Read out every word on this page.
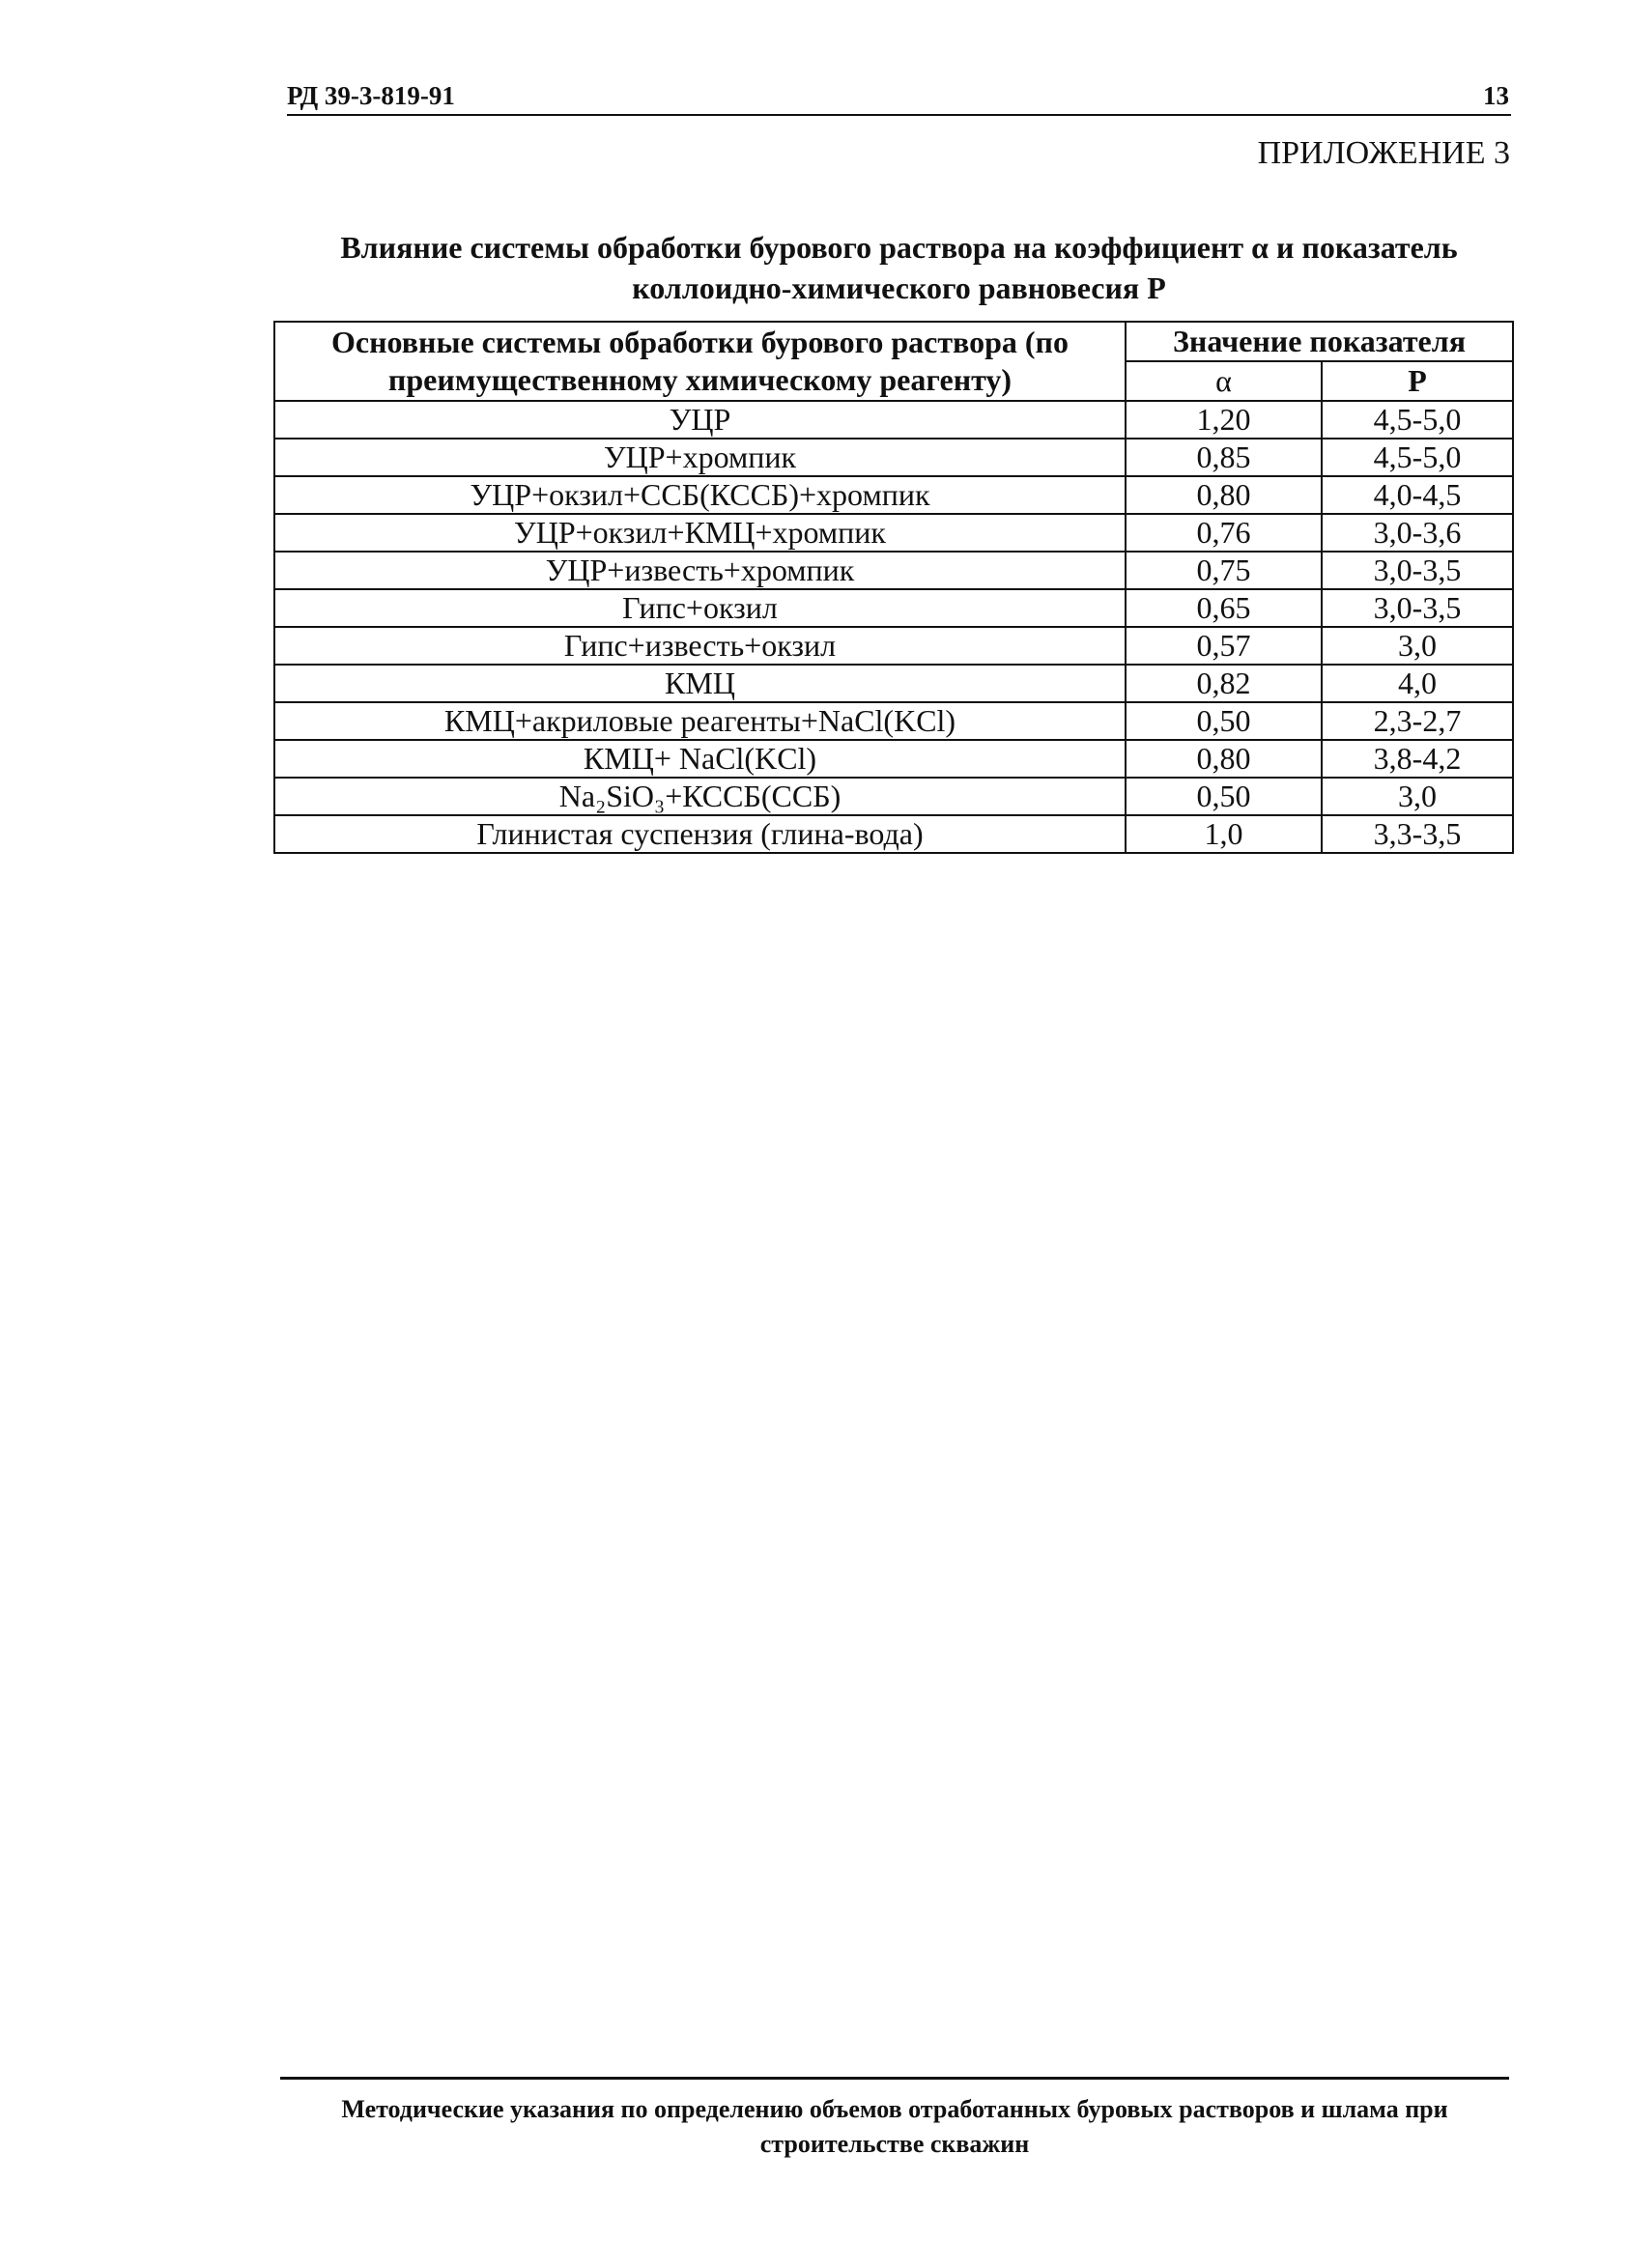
РД 39-3-819-91	13
ПРИЛОЖЕНИЕ 3
Влияние системы обработки бурового раствора на коэффициент α и показатель
коллоидно-химического равновесия Р
Основные системы обработки бурового раствора (по преимущественному химическому реагенту)	Значение показателя	
	α	Р
УЦР	1,20	4,5-5,0
УЦР+хромпик	0,85	4,5-5,0
УЦР+окзил+ССБ(КССБ)+хромпик	0,80	4,0-4,5
УЦР+окзил+КМЦ+хромпик	0,76	3,0-3,6
УЦР+известь+хромпик	0,75	3,0-3,5
Гипс+окзил	0,65	3,0-3,5
Гипс+известь+окзил	0,57	3,0
КМЦ	0,82	4,0
КМЦ+акриловые реагенты+NaCl(KCl)	0,50	2,3-2,7
КМЦ+ NaCl(KCl)	0,80	3,8-4,2
Na₂SiO₃+КССБ(ССБ)	0,50	3,0
Глинистая суспензия (глина-вода)	1,0	3,3-3,5
Методические указания по определению объемов отработанных буровых растворов и шлама при
строительстве скважин
